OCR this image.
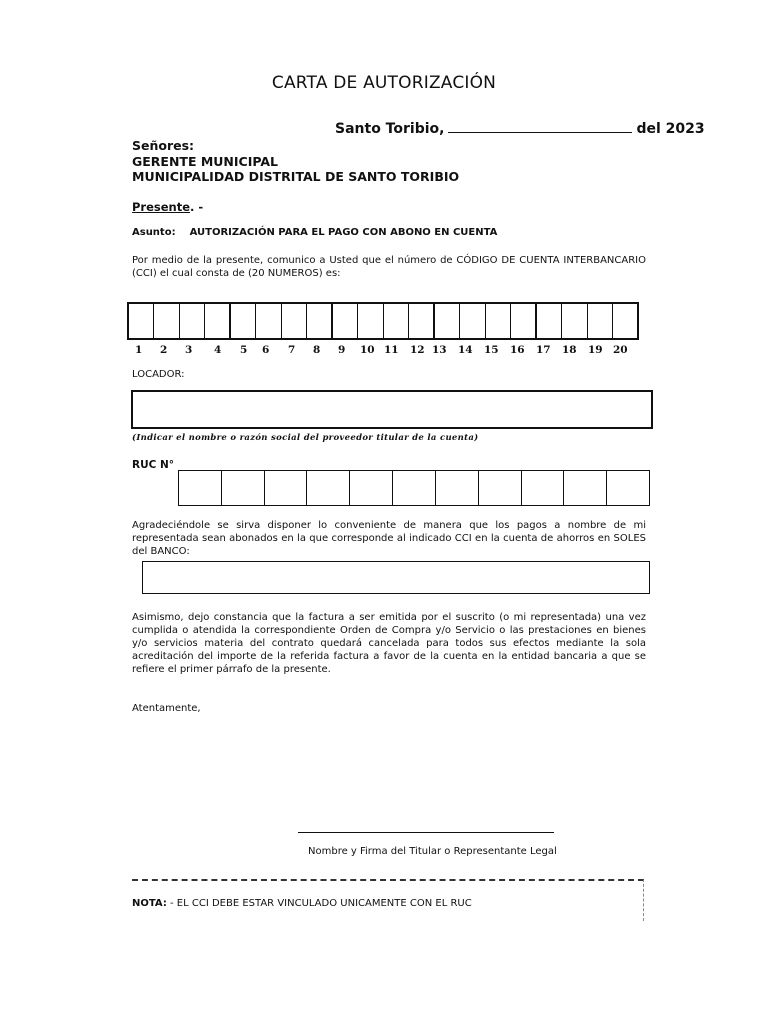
CARTA DE AUTORIZACIÓN
Santo Toribio,	del 2023
Señores:
GERENTE MUNICIPAL
MUNICIPALIDAD DISTRITAL DE SANTO TORIBIO
Presente. -
Asunto: AUTORIZACIÓN PARA EL PAGO CON ABONO EN CUENTA
Por medio de la presente, comunico a Usted que el número de CÓDIGO DE CUENTA INTERBANCARIO (CCI) el cual consta de (20 NUMEROS) es:
1 2 3 4 5 6 7 8 9 10 11 12 13 14 15 16 17 18 19 20
LOCADOR:
(Indicar el nombre o razón social del proveedor titular de la cuenta)
RUC N°
Agradeciéndole se sirva disponer lo conveniente de manera que los pagos a nombre de mi representada sean abonados en la que corresponde al indicado CCI en la cuenta de ahorros en SOLES del BANCO:
Asimismo, dejo constancia que la factura a ser emitida por el suscrito (o mi representada) una vez cumplida o atendida la correspondiente Orden de Compra y/o Servicio o las prestaciones en bienes y/o servicios materia del contrato quedará cancelada para todos sus efectos mediante la sola acreditación del importe de la referida factura a favor de la cuenta en la entidad bancaria a que se refiere el primer párrafo de la presente.
Atentamente,
Nombre y Firma del Titular o Representante Legal
NOTA: - EL CCI DEBE ESTAR VINCULADO UNICAMENTE CON EL RUC
